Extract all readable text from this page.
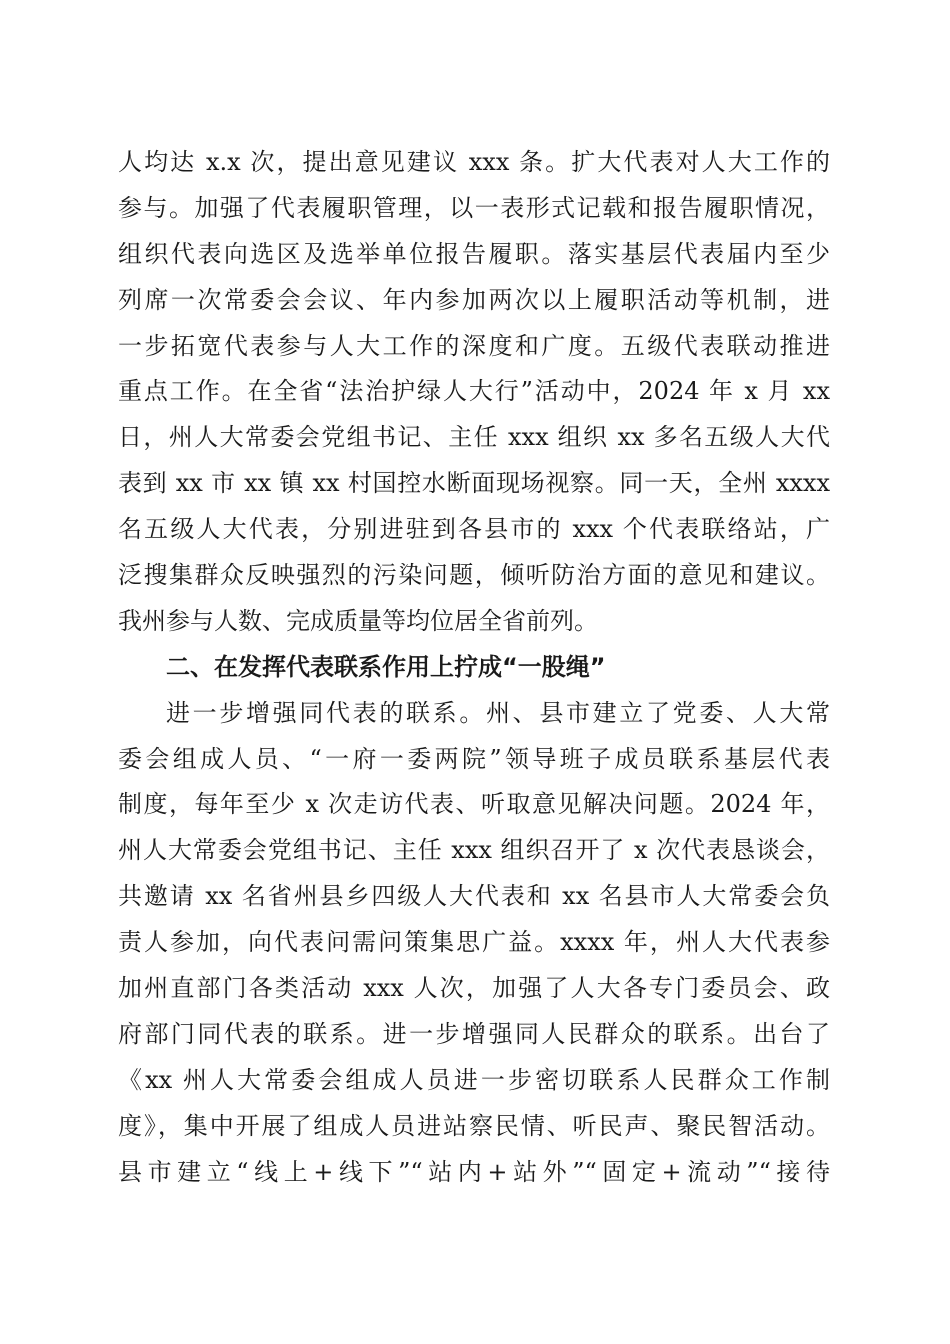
人均达 x.x 次，提出意见建议 xxx 条。扩大代表对人大工作的
参与。加强了代表履职管理，以一表形式记载和报告履职情况，
组织代表向选区及选举单位报告履职。落实基层代表届内至少
列席一次常委会会议、年内参加两次以上履职活动等机制，进
一步拓宽代表参与人大工作的深度和广度。五级代表联动推进
重点工作。在全省“法治护绿人大行”活动中，2024 年 x 月 xx
日，州人大常委会党组书记、主任 xxx 组织 xx 多名五级人大代
表到 xx 市 xx 镇 xx 村国控水断面现场视察。同一天，全州 xxxx
名五级人大代表，分别进驻到各县市的 xxx 个代表联络站，广
泛搜集群众反映强烈的污染问题，倾听防治方面的意见和建议。
我州参与人数、完成质量等均位居全省前列。
二、在发挥代表联系作用上拧成“一股绳”
进一步增强同代表的联系。州、县市建立了党委、人大常
委会组成人员、“一府一委两院”领导班子成员联系基层代表
制度，每年至少 x 次走访代表、听取意见解决问题。2024 年，
州人大常委会党组书记、主任 xxx 组织召开了 x 次代表恳谈会，
共邀请 xx 名省州县乡四级人大代表和 xx 名县市人大常委会负
责人参加，向代表问需问策集思广益。xxxx 年，州人大代表参
加州直部门各类活动 xxx 人次，加强了人大各专门委员会、政
府部门同代表的联系。进一步增强同人民群众的联系。出台了
《xx 州人大常委会组成人员进一步密切联系人民群众工作制
度》，集中开展了组成人员进站察民情、听民声、聚民智活动。
县市建立“线上+线下”“站内+站外”“固定+流动”“接待
